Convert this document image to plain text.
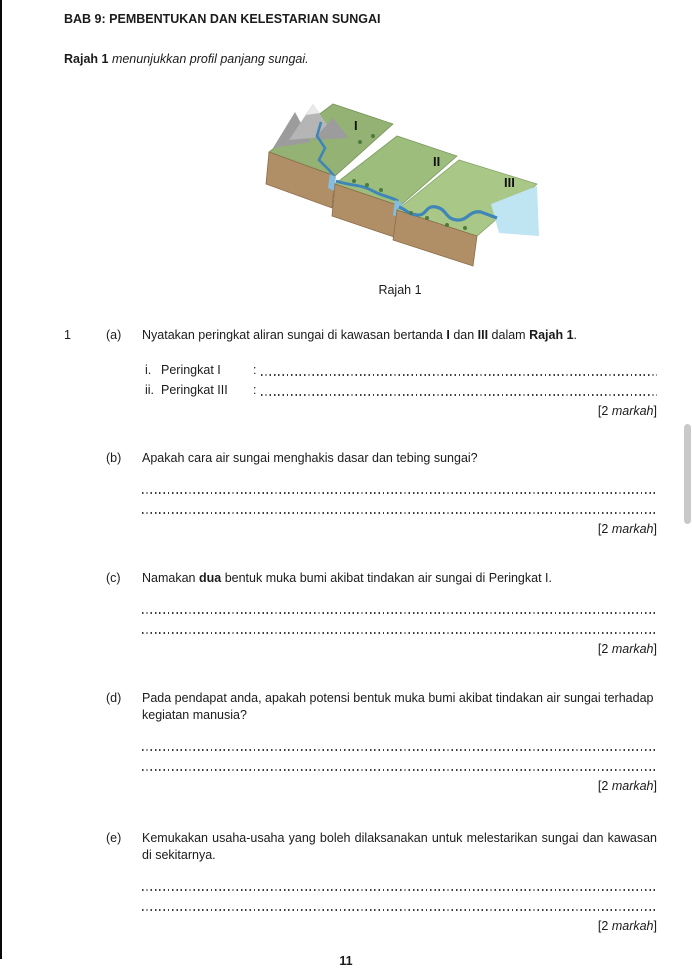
BAB 9: PEMBENTUKAN DAN KELESTARIAN SUNGAI

Rajah 1 menunjukkan profil panjang sungai.

I
II
III
Rajah 1
1	(a)	Nyatakan peringkat aliran sungai di kawasan bertanda I dan III dalam Rajah 1.
i. Peringkat I	:
ii. Peringkat III	:
[2 markah]
(b)	Apakah cara air sungai menghakis dasar dan tebing sungai?
[2 markah]
(c)	Namakan dua bentuk muka bumi akibat tindakan air sungai di Peringkat I.
[2 markah]
(d)	Pada pendapat anda, apakah potensi bentuk muka bumi akibat tindakan air sungai terhadap kegiatan manusia?
[2 markah]
(e)	Kemukakan usaha-usaha yang boleh dilaksanakan untuk melestarikan sungai dan kawasan di sekitarnya.
[2 markah]
11
